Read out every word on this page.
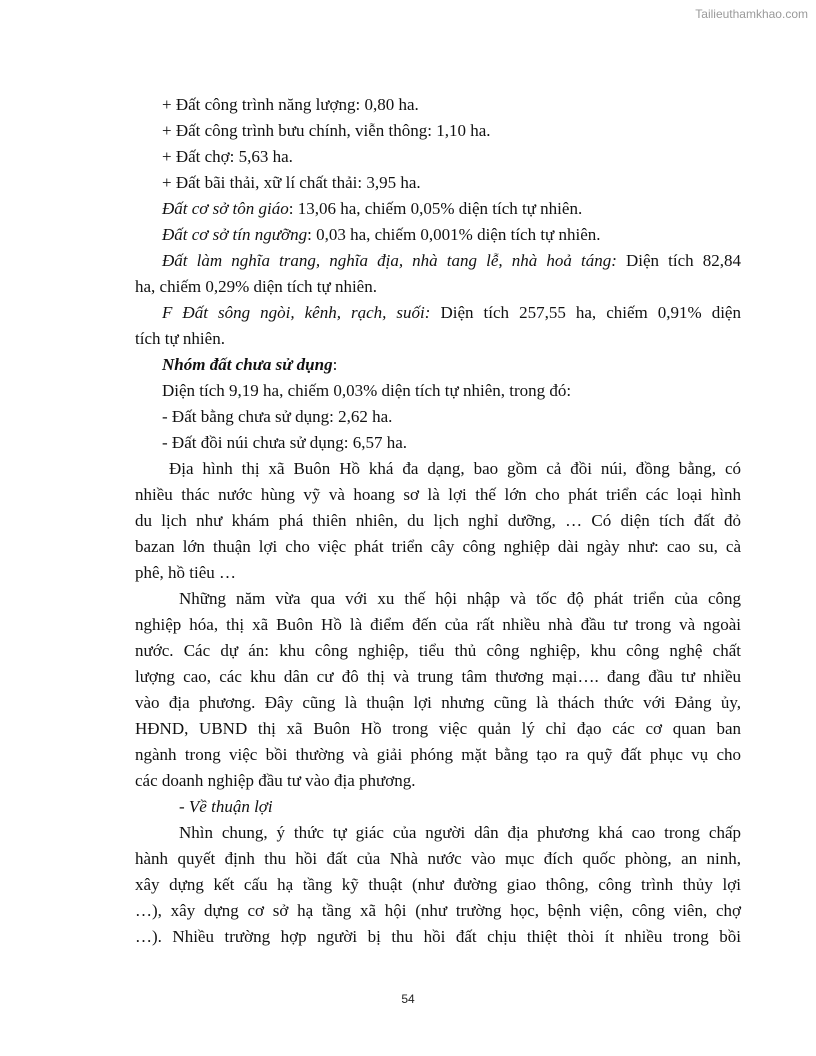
Tailieuthamkhao.com
+ Đất công trình năng lượng: 0,80 ha.
+ Đất công trình bưu chính, viễn thông: 1,10 ha.
+ Đất chợ: 5,63 ha.
+ Đất bãi thải, xữ lí chất thải: 3,95 ha.
Đất cơ sở tôn giáo: 13,06 ha, chiếm 0,05% diện tích tự nhiên.
Đất cơ sở tín ngưỡng: 0,03 ha, chiếm 0,001% diện tích tự nhiên.
Đất làm nghĩa trang, nghĩa địa, nhà tang lễ, nhà hoả táng: Diện tích 82,84
ha, chiếm 0,29% diện tích tự nhiên.
F Đất sông ngòi, kênh, rạch, suối: Diện tích 257,55 ha, chiếm 0,91% diện
tích tự nhiên.
Nhóm đất chưa sử dụng:
Diện tích 9,19 ha, chiếm 0,03% diện tích tự nhiên, trong đó:
- Đất bằng chưa sử dụng: 2,62 ha.
- Đất đồi núi chưa sử dụng: 6,57 ha.
Địa hình thị xã Buôn Hồ khá đa dạng, bao gồm cả đồi núi, đồng bằng, có
nhiều thác nước hùng vỹ và hoang sơ là lợi thế lớn cho phát triển các loại hình
du lịch như khám phá thiên nhiên, du lịch nghỉ dưỡng, … Có diện tích đất đỏ
bazan lớn thuận lợi cho việc phát triển cây công nghiệp dài ngày như: cao su, cà
phê, hồ tiêu …
Những năm vừa qua với xu thế hội nhập và tốc độ phát triển của công
nghiệp hóa, thị xã Buôn Hồ là điểm đến của rất nhiều nhà đầu tư trong và ngoài
nước. Các dự án: khu công nghiệp, tiểu thủ công nghiệp, khu công nghệ chất
lượng cao, các khu dân cư đô thị và trung tâm thương mại…. đang đầu tư nhiều
vào địa phương. Đây cũng là thuận lợi nhưng cũng là thách thức với Đảng ủy,
HĐND, UBND thị xã Buôn Hồ trong việc quản lý chỉ đạo các cơ quan ban
ngành trong việc bồi thường và giải phóng mặt bằng tạo ra quỹ đất phục vụ cho
các doanh nghiệp đầu tư vào địa phương.
- Về thuận lợi
Nhìn chung, ý thức tự giác của người dân địa phương khá cao trong chấp
hành quyết định thu hồi đất của Nhà nước vào mục đích quốc phòng, an ninh,
xây dựng kết cấu hạ tầng kỹ thuật (như đường giao thông, công trình thủy lợi
…), xây dựng cơ sở hạ tầng xã hội (như trường học, bệnh viện, công viên, chợ
…). Nhiều trường hợp người bị thu hồi đất chịu thiệt thòi ít nhiều trong bồi
54
